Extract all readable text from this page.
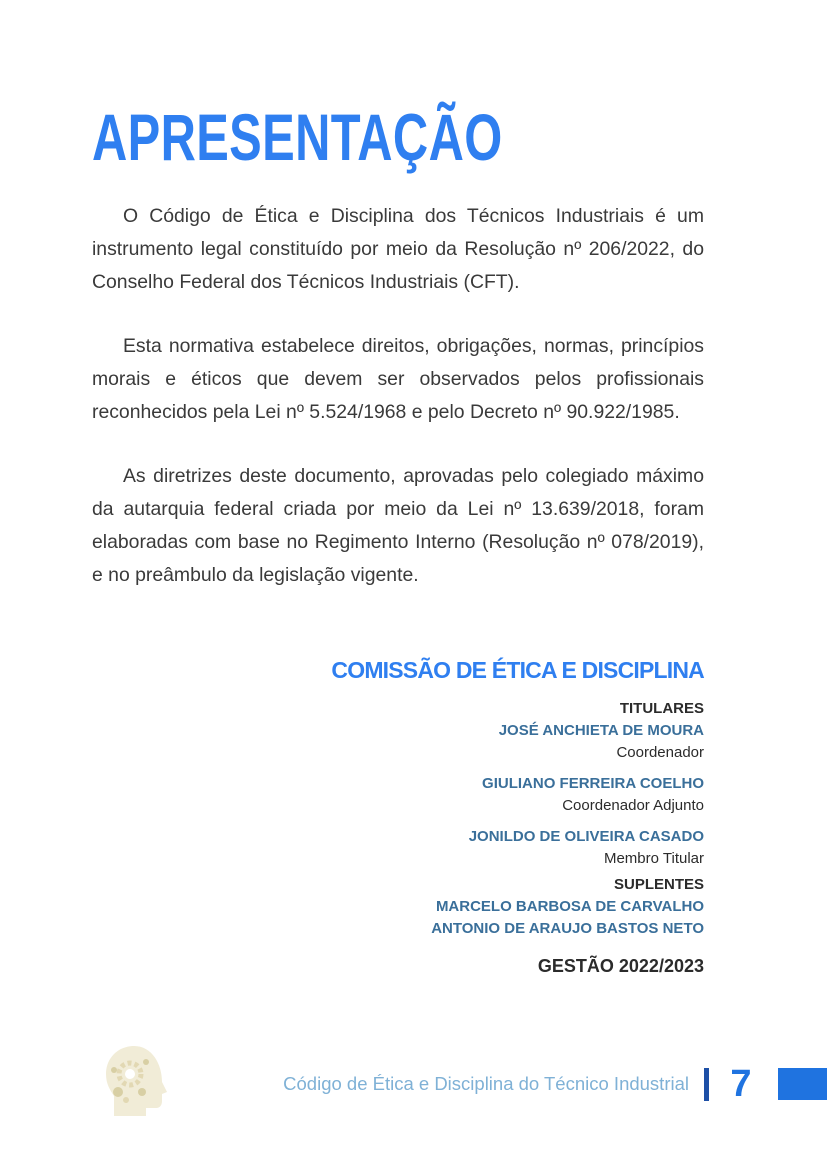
APRESENTAÇÃO

O Código de Ética e Disciplina dos Técnicos Industriais é um instrumento legal constituído por meio da Resolução nº 206/2022, do Conselho Federal dos Técnicos Industriais (CFT).

Esta normativa estabelece direitos, obrigações, normas, princípios morais e éticos que devem ser observados pelos profissionais reconhecidos pela Lei nº 5.524/1968 e pelo Decreto nº 90.922/1985.

As diretrizes deste documento, aprovadas pelo colegiado máximo da autarquia federal criada por meio da Lei nº 13.639/2018, foram elaboradas com base no Regimento Interno (Resolução nº 078/2019), e no preâmbulo da legislação vigente.

COMISSÃO DE ÉTICA E DISCIPLINA
TITULARES
JOSÉ ANCHIETA DE MOURA
Coordenador
GIULIANO FERREIRA COELHO
Coordenador Adjunto
JONILDO DE OLIVEIRA CASADO
Membro Titular
SUPLENTES
MARCELO BARBOSA DE CARVALHO
ANTONIO DE ARAUJO BASTOS NETO
GESTÃO 2022/2023
Código de Ética e Disciplina do Técnico Industrial 7
